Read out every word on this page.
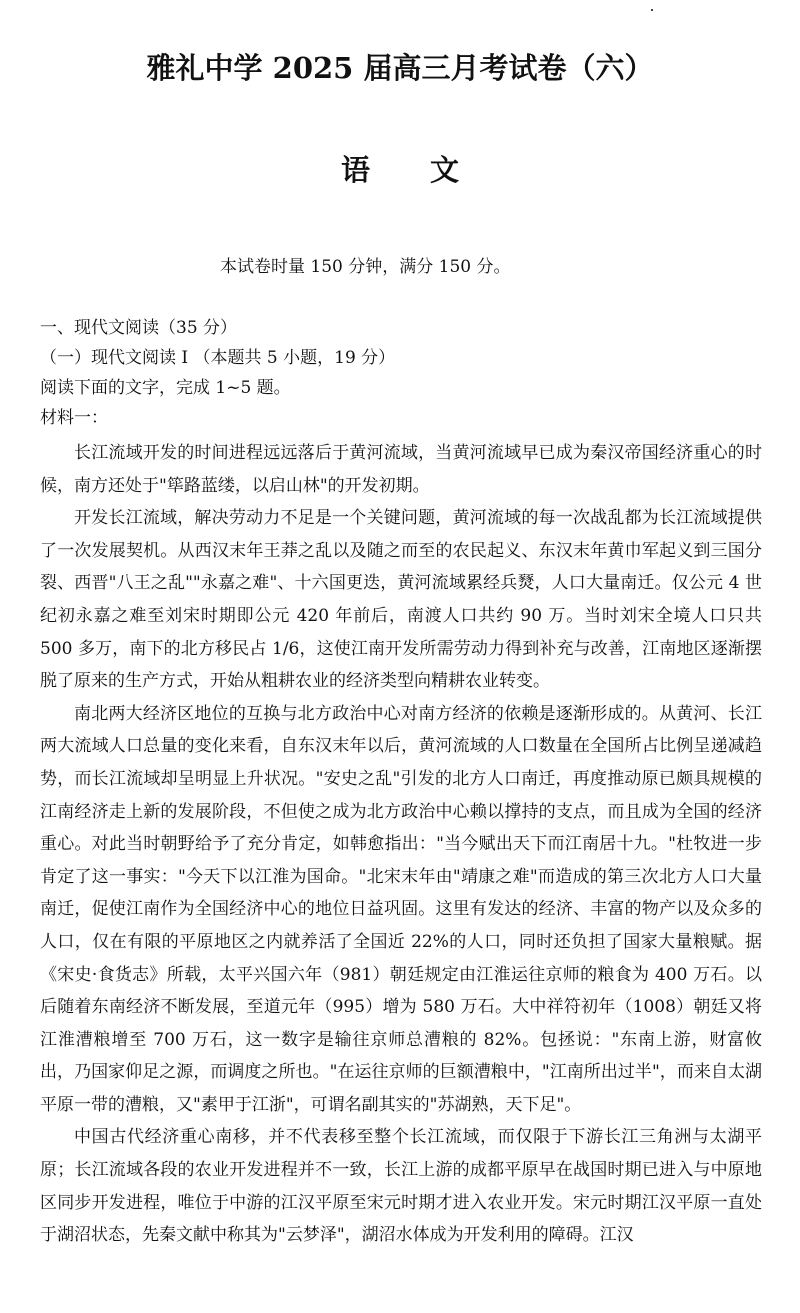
雅礼中学 2025 届高三月考试卷（六）
语文
本试卷时量 150 分钟，满分 150 分。
一、现代文阅读（35 分）
（一）现代文阅读 I （本题共 5 小题，19 分）
阅读下面的文字，完成 1~5 题。
材料一：

长江流域开发的时间进程远远落后于黄河流域，当黄河流域早已成为秦汉帝国经济重心的时候，南方还处于"筚路蓝缕，以启山林"的开发初期。

开发长江流域，解决劳动力不足是一个关键问题，黄河流域的每一次战乱都为长江流域提供了一次发展契机。从西汉末年王莽之乱以及随之而至的农民起义、东汉末年黄巾军起义到三国分裂、西晋"八王之乱""永嘉之难"、十六国更迭，黄河流域累经兵燹，人口大量南迁。仅公元 4 世纪初永嘉之难至刘宋时期即公元 420 年前后，南渡人口共约 90 万。当时刘宋全境人口只共 500 多万，南下的北方移民占 1/6，这使江南开发所需劳动力得到补充与改善，江南地区逐渐摆脱了原来的生产方式，开始从粗耕农业的经济类型向精耕农业转变。

南北两大经济区地位的互换与北方政治中心对南方经济的依赖是逐渐形成的。从黄河、长江两大流域人口总量的变化来看，自东汉末年以后，黄河流域的人口数量在全国所占比例呈递减趋势，而长江流域却呈明显上升状况。"安史之乱"引发的北方人口南迁，再度推动原已颇具规模的江南经济走上新的发展阶段，不但使之成为北方政治中心赖以撑持的支点，而且成为全国的经济重心。对此当时朝野给予了充分肯定，如韩愈指出："当今赋出天下而江南居十九。"杜牧进一步肯定了这一事实："今天下以江淮为国命。"北宋末年由"靖康之难"而造成的第三次北方人口大量南迁，促使江南作为全国经济中心的地位日益巩固。这里有发达的经济、丰富的物产以及众多的人口，仅在有限的平原地区之内就养活了全国近 22%的人口，同时还负担了国家大量粮赋。据《宋史·食货志》所载，太平兴国六年（981）朝廷规定由江淮运往京师的粮食为 400 万石。以后随着东南经济不断发展，至道元年（995）增为 580 万石。大中祥符初年（1008）朝廷又将江淮漕粮增至 700 万石，这一数字是输往京师总漕粮的 82%。包拯说："东南上游，财富攸出，乃国家仰足之源，而调度之所也。"在运往京师的巨额漕粮中，"江南所出过半"，而来自太湖平原一带的漕粮，又"素甲于江浙"，可谓名副其实的"苏湖熟，天下足"。

中国古代经济重心南移，并不代表移至整个长江流域，而仅限于下游长江三角洲与太湖平原；长江流域各段的农业开发进程并不一致，长江上游的成都平原早在战国时期已进入与中原地区同步开发进程，唯位于中游的江汉平原至宋元时期才进入农业开发。宋元时期江汉平原一直处于湖沼状态，先秦文献中称其为"云梦泽"，湖沼水体成为开发利用的障碍。江汉
